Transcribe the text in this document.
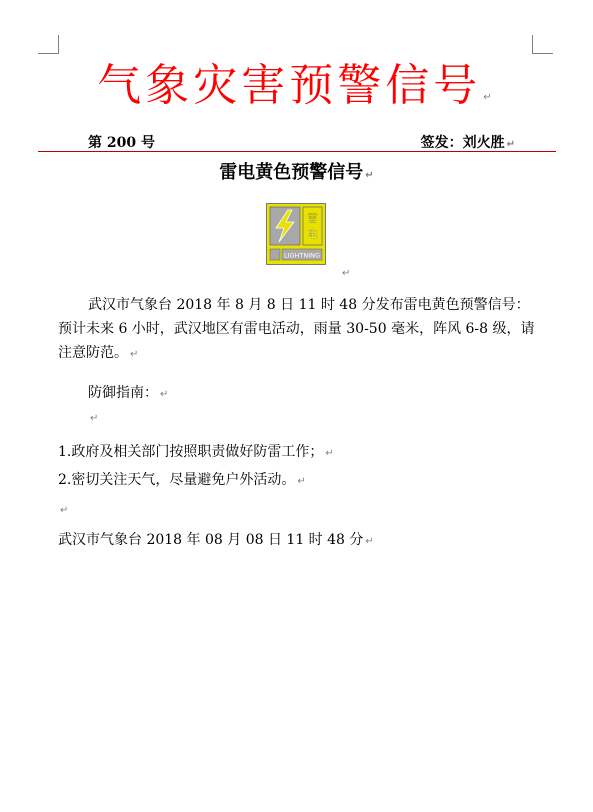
气象灾害预警信号 ↵
第 200 号	签发：刘火胜 ↵
雷电黄色预警信号 ↵
雷
电
LIGHTNING
↵
武汉市气象台 2018 年 8 月 8 日 11 时 48 分发布雷电黄色预警信号：预计未来 6 小时，武汉地区有雷电活动，雨量 30-50 毫米，阵风 6-8 级，请注意防范。 ↵
防御指南： ↵
↵
1.政府及相关部门按照职责做好防雷工作； ↵
2.密切关注天气，尽量避免户外活动。 ↵
↵
武汉市气象台 2018 年 08 月 08 日 11 时 48 分 ↵
